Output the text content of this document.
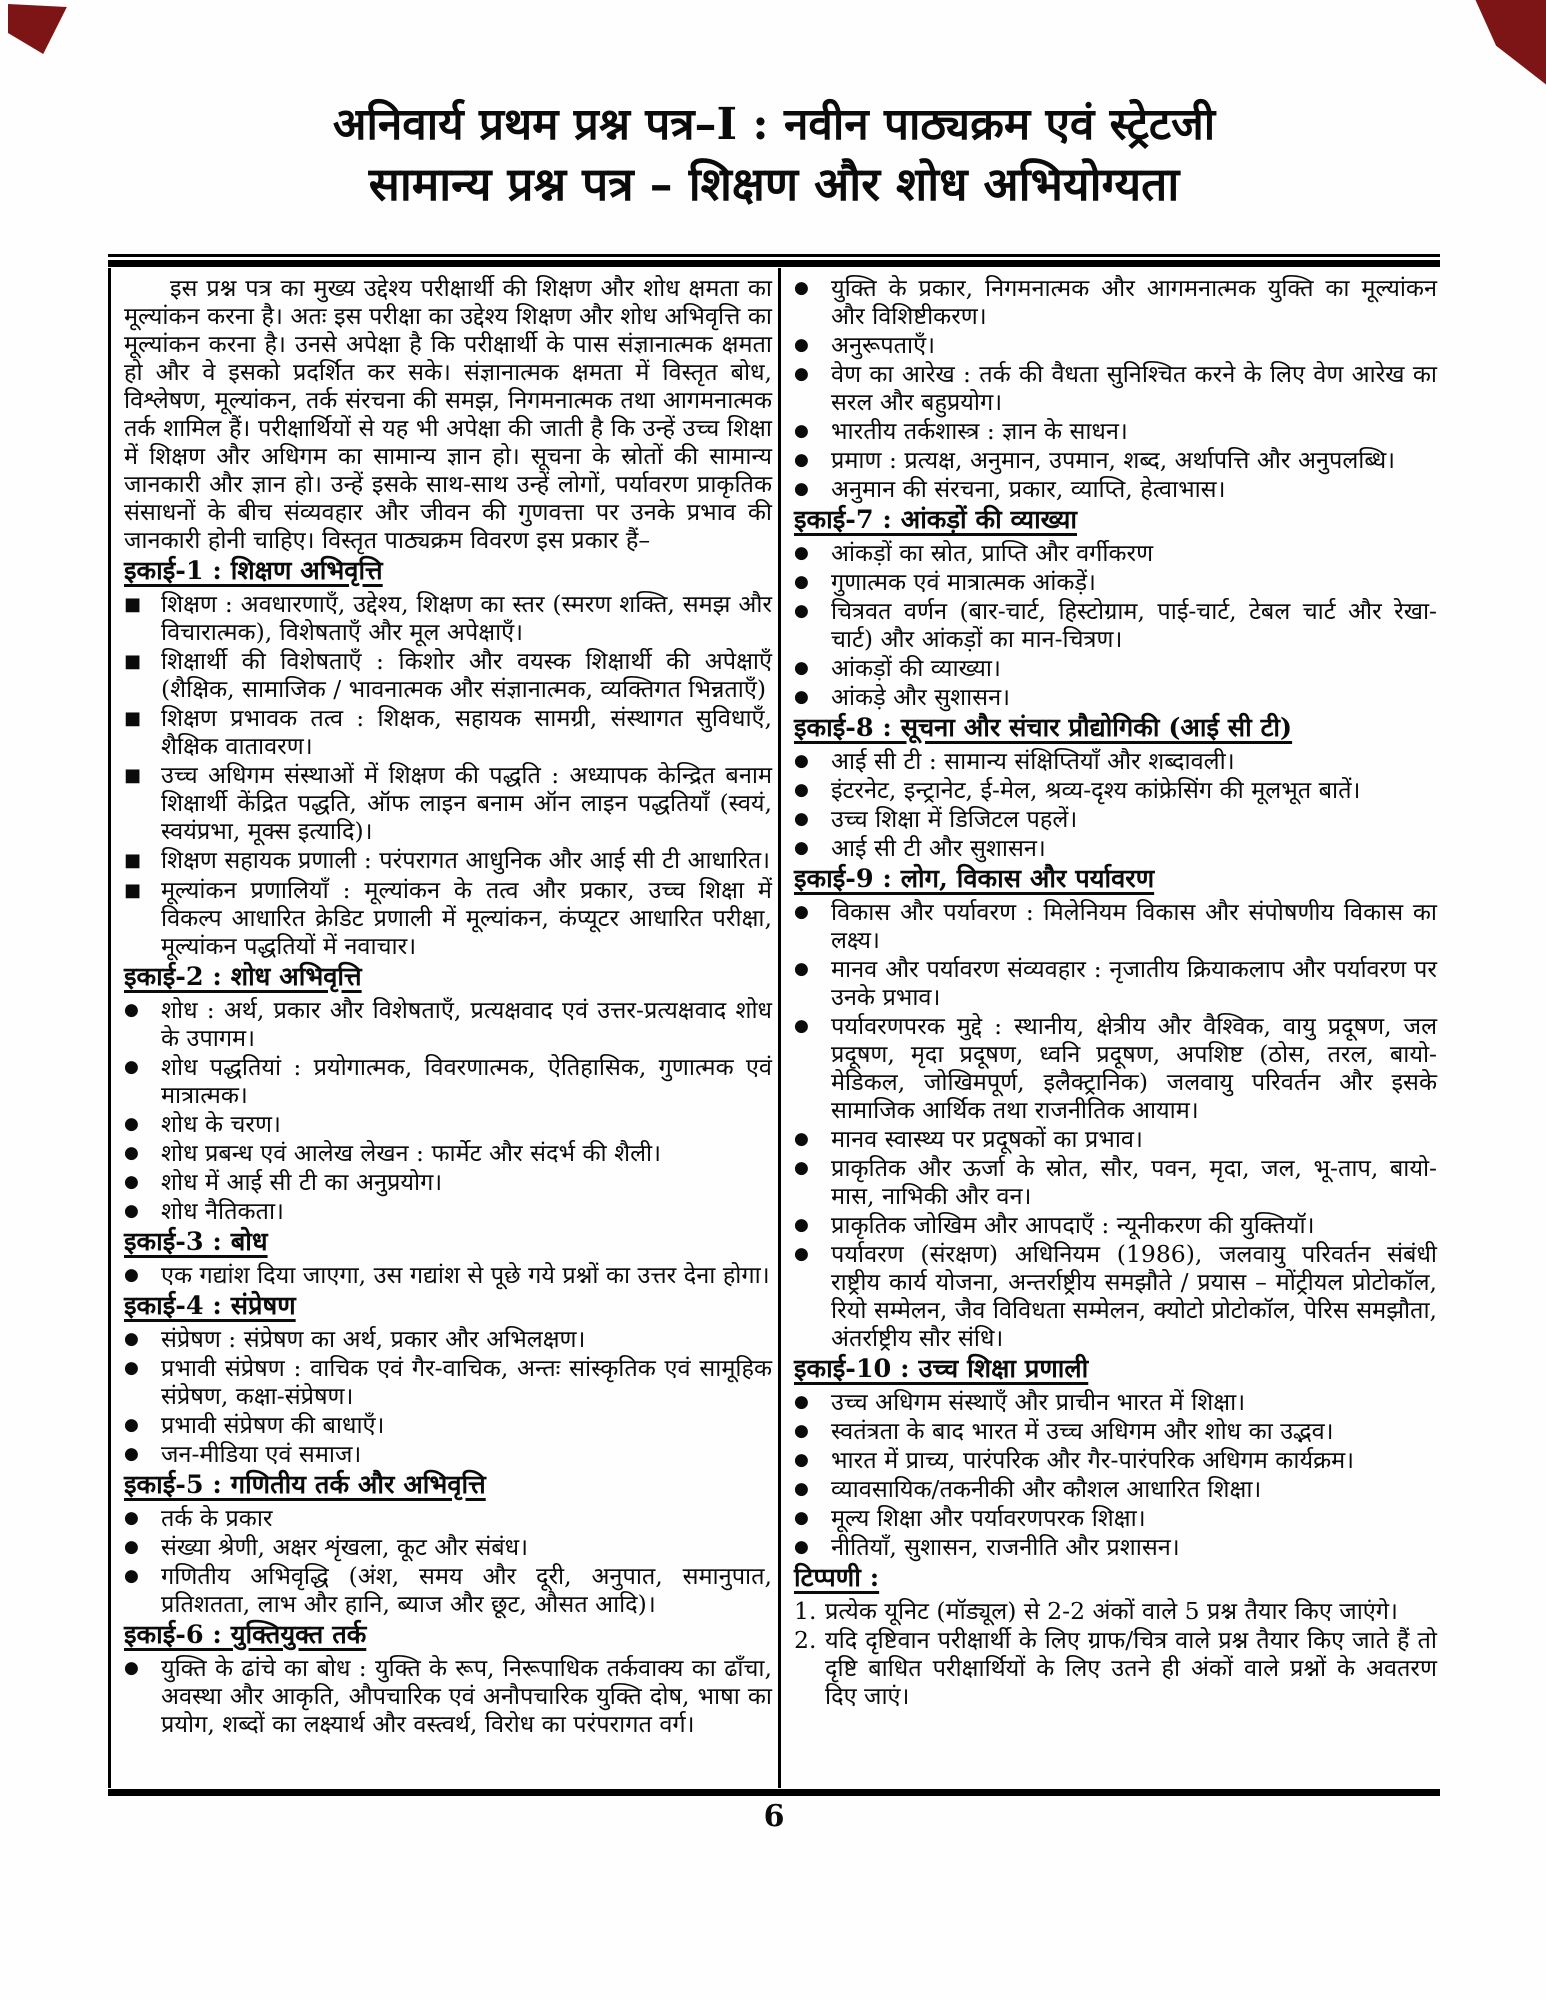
अनिवार्य प्रथम प्रश्न पत्र–I : नवीन पाठ्यक्रम एवं स्ट्रेटजी
सामान्य प्रश्न पत्र – शिक्षण और शोध अभियोग्यता
इस प्रश्न पत्र का मुख्य उद्देश्य परीक्षार्थी की शिक्षण और शोध क्षमता का मूल्यांकन करना है। अतः इस परीक्षा का उद्देश्य शिक्षण और शोध अभिवृत्ति का मूल्यांकन करना है। उनसे अपेक्षा है कि परीक्षार्थी के पास संज्ञानात्मक क्षमता हो और वे इसको प्रदर्शित कर सके। संज्ञानात्मक क्षमता में विस्तृत बोध, विश्लेषण, मूल्यांकन, तर्क संरचना की समझ, निगमनात्मक तथा आगमनात्मक तर्क शामिल हैं। परीक्षार्थियों से यह भी अपेक्षा की जाती है कि उन्हें उच्च शिक्षा में शिक्षण और अधिगम का सामान्य ज्ञान हो। सूचना के स्रोतों की सामान्य जानकारी और ज्ञान हो। उन्हें इसके साथ-साथ उन्हें लोगों, पर्यावरण प्राकृतिक संसाधनों के बीच संव्यवहार और जीवन की गुणवत्ता पर उनके प्रभाव की जानकारी होनी चाहिए। विस्तृत पाठ्यक्रम विवरण इस प्रकार हैं–
इकाई-1 : शिक्षण अभिवृत्ति
■ शिक्षण : अवधारणाएँ, उद्देश्य, शिक्षण का स्तर (स्मरण शक्ति, समझ और विचारात्मक), विशेषताएँ और मूल अपेक्षाएँ।
■ शिक्षार्थी की विशेषताएँ : किशोर और वयस्क शिक्षार्थी की अपेक्षाएँ (शैक्षिक, सामाजिक / भावनात्मक और संज्ञानात्मक, व्यक्तिगत भिन्नताएँ)
■ शिक्षण प्रभावक तत्व : शिक्षक, सहायक सामग्री, संस्थागत सुविधाएँ, शैक्षिक वातावरण।
■ उच्च अधिगम संस्थाओं में शिक्षण की पद्धति : अध्यापक केन्द्रित बनाम शिक्षार्थी केंद्रित पद्धति, ऑफ लाइन बनाम ऑन लाइन पद्धतियाँ (स्वयं, स्वयंप्रभा, मूक्स इत्यादि)।
■ शिक्षण सहायक प्रणाली : परंपरागत आधुनिक और आई सी टी आधारित।
■ मूल्यांकन प्रणालियाँ : मूल्यांकन के तत्व और प्रकार, उच्च शिक्षा में विकल्प आधारित क्रेडिट प्रणाली में मूल्यांकन, कंप्यूटर आधारित परीक्षा, मूल्यांकन पद्धतियों में नवाचार।
इकाई-2 : शोध अभिवृत्ति
● शोध : अर्थ, प्रकार और विशेषताएँ, प्रत्यक्षवाद एवं उत्तर-प्रत्यक्षवाद शोध के उपागम।
● शोध पद्धतियां : प्रयोगात्मक, विवरणात्मक, ऐतिहासिक, गुणात्मक एवं मात्रात्मक।
● शोध के चरण।
● शोध प्रबन्ध एवं आलेख लेखन : फार्मेट और संदर्भ की शैली।
● शोध में आई सी टी का अनुप्रयोग।
● शोध नैतिकता।
इकाई-3 : बोध
● एक गद्यांश दिया जाएगा, उस गद्यांश से पूछे गये प्रश्नों का उत्तर देना होगा।
इकाई-4 : संप्रेषण
● संप्रेषण : संप्रेषण का अर्थ, प्रकार और अभिलक्षण।
● प्रभावी संप्रेषण : वाचिक एवं गैर-वाचिक, अन्तः सांस्कृतिक एवं सामूहिक संप्रेषण, कक्षा-संप्रेषण।
● प्रभावी संप्रेषण की बाधाएँ।
● जन-मीडिया एवं समाज।
इकाई-5 : गणितीय तर्क और अभिवृत्ति
● तर्क के प्रकार
● संख्या श्रेणी, अक्षर शृंखला, कूट और संबंध।
● गणितीय अभिवृद्धि (अंश, समय और दूरी, अनुपात, समानुपात, प्रतिशतता, लाभ और हानि, ब्याज और छूट, औसत आदि)।
इकाई-6 : युक्तियुक्त तर्क
● युक्ति के ढांचे का बोध : युक्ति के रूप, निरूपाधिक तर्कवाक्य का ढाँचा, अवस्था और आकृति, औपचारिक एवं अनौपचारिक युक्ति दोष, भाषा का प्रयोग, शब्दों का लक्ष्यार्थ और वस्त्वर्थ, विरोध का परंपरागत वर्ग।
● युक्ति के प्रकार, निगमनात्मक और आगमनात्मक युक्ति का मूल्यांकन और विशिष्टीकरण।
● अनुरूपताएँ।
● वेण का आरेख : तर्क की वैधता सुनिश्चित करने के लिए वेण आरेख का सरल और बहुप्रयोग।
● भारतीय तर्कशास्त्र : ज्ञान के साधन।
● प्रमाण : प्रत्यक्ष, अनुमान, उपमान, शब्द, अर्थापत्ति और अनुपलब्धि।
● अनुमान की संरचना, प्रकार, व्याप्ति, हेत्वाभास।
इकाई-7 : आंकड़ों की व्याख्या
● आंकड़ों का स्रोत, प्राप्ति और वर्गीकरण
● गुणात्मक एवं मात्रात्मक आंकड़ें।
● चित्रवत वर्णन (बार-चार्ट, हिस्टोग्राम, पाई-चार्ट, टेबल चार्ट और रेखा-चार्ट) और आंकड़ों का मान-चित्रण।
● आंकड़ों की व्याख्या।
● आंकड़े और सुशासन।
इकाई-8 : सूचना और संचार प्रौद्योगिकी (आई सी टी)
● आई सी टी : सामान्य संक्षिप्तियाँ और शब्दावली।
● इंटरनेट, इन्ट्रानेट, ई-मेल, श्रव्य-दृश्य कांफ्रेसिंग की मूलभूत बातें।
● उच्च शिक्षा में डिजिटल पहलें।
● आई सी टी और सुशासन।
इकाई-9 : लोग, विकास और पर्यावरण
● विकास और पर्यावरण : मिलेनियम विकास और संपोषणीय विकास का लक्ष्य।
● मानव और पर्यावरण संव्यवहार : नृजातीय क्रियाकलाप और पर्यावरण पर उनके प्रभाव।
● पर्यावरणपरक मुद्दे : स्थानीय, क्षेत्रीय और वैश्विक, वायु प्रदूषण, जल प्रदूषण, मृदा प्रदूषण, ध्वनि प्रदूषण, अपशिष्ट (ठोस, तरल, बायो-मेडिकल, जोखिमपूर्ण, इलैक्ट्रानिक) जलवायु परिवर्तन और इसके सामाजिक आर्थिक तथा राजनीतिक आयाम।
● मानव स्वास्थ्य पर प्रदूषकों का प्रभाव।
● प्राकृतिक और ऊर्जा के स्रोत, सौर, पवन, मृदा, जल, भू-ताप, बायो-मास, नाभिकी और वन।
● प्राकृतिक जोखिम और आपदाएँ : न्यूनीकरण की युक्तियॉ।
● पर्यावरण (संरक्षण) अधिनियम (1986), जलवायु परिवर्तन संबंधी राष्ट्रीय कार्य योजना, अन्तर्राष्ट्रीय समझौते / प्रयास – मोंट्रीयल प्रोटोकॉल, रियो सम्मेलन, जैव विविधता सम्मेलन, क्योटो प्रोटोकॉल, पेरिस समझौता, अंतर्राष्ट्रीय सौर संधि।
इकाई-10 : उच्च शिक्षा प्रणाली
● उच्च अधिगम संस्थाएँ और प्राचीन भारत में शिक्षा।
● स्वतंत्रता के बाद भारत में उच्च अधिगम और शोध का उद्भव।
● भारत में प्राच्य, पारंपरिक और गैर-पारंपरिक अधिगम कार्यक्रम।
● व्यावसायिक/तकनीकी और कौशल आधारित शिक्षा।
● मूल्य शिक्षा और पर्यावरणपरक शिक्षा।
● नीतियाँ, सुशासन, राजनीति और प्रशासन।
टिप्पणी :
1. प्रत्येक यूनिट (मॉड्यूल) से 2-2 अंकों वाले 5 प्रश्न तैयार किए जाएंगे।
2. यदि दृष्टिवान परीक्षार्थी के लिए ग्राफ/चित्र वाले प्रश्न तैयार किए जाते हैं तो दृष्टि बाधित परीक्षार्थियों के लिए उतने ही अंकों वाले प्रश्नों के अवतरण दिए जाएं।
6
